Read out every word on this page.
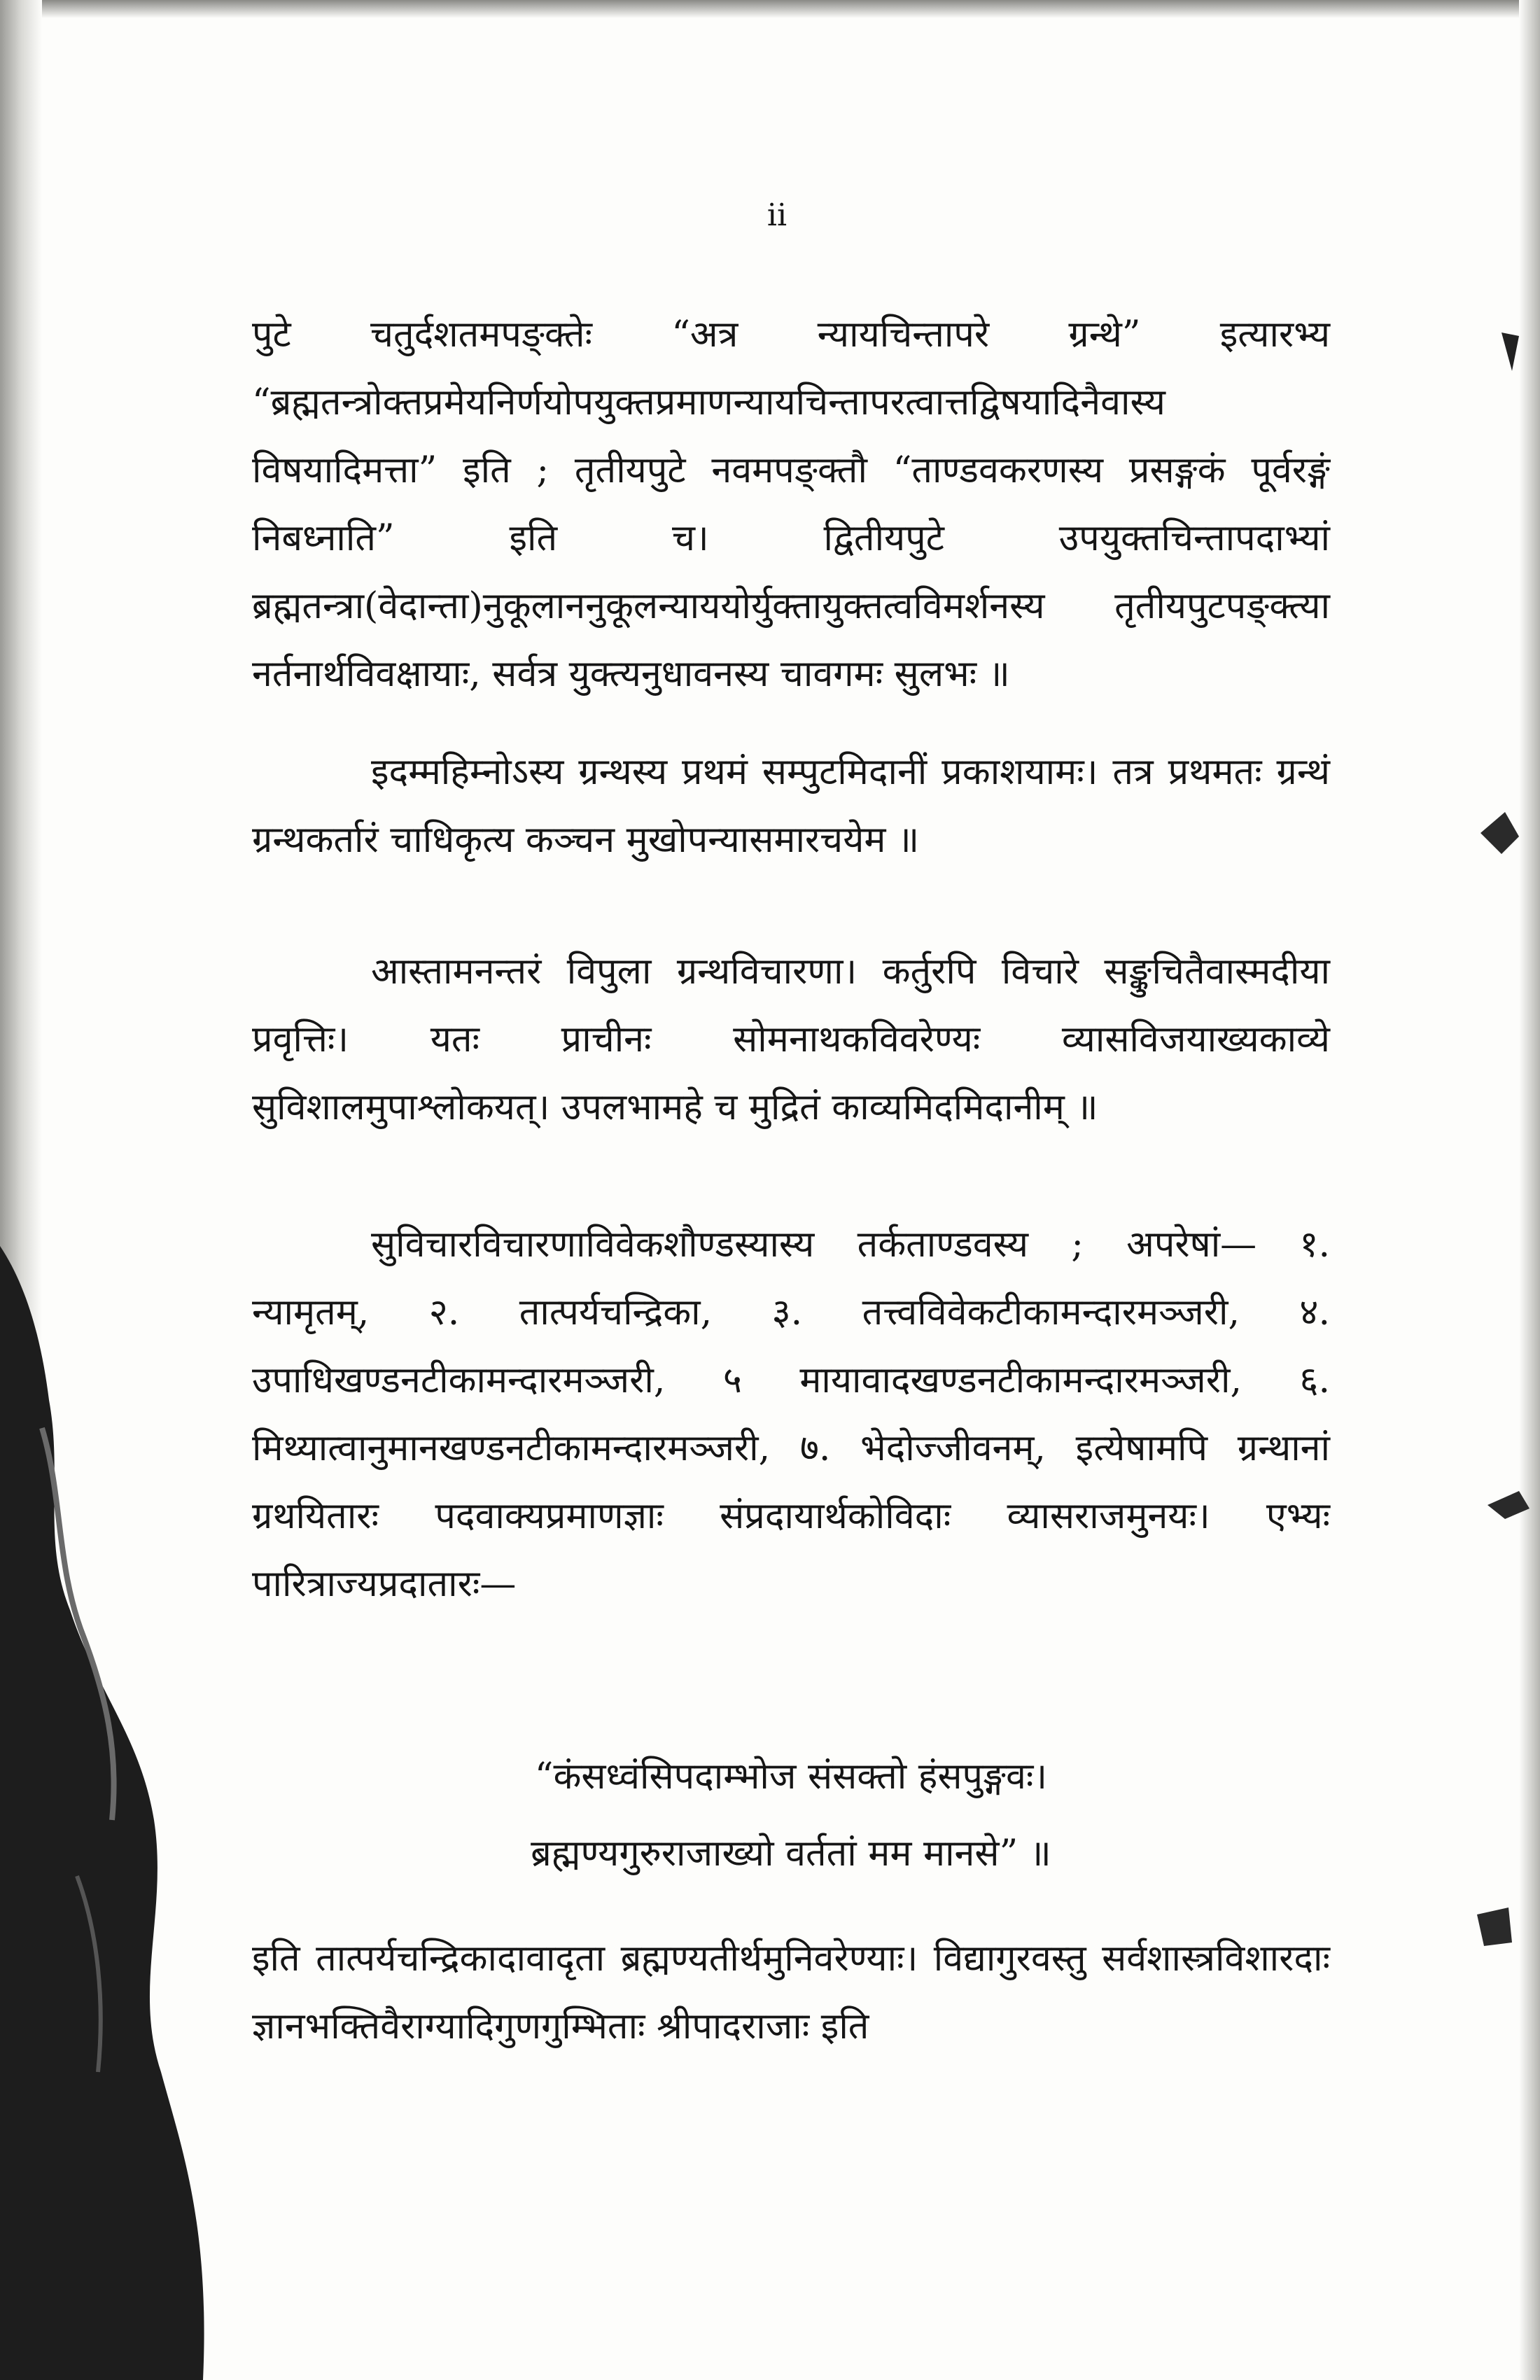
ii

पुटे चतुर्दशतमपङ्क्तेः “अत्र न्यायचिन्तापरे ग्रन्थे” इत्यारभ्य “ब्रह्मतन्त्रोक्तप्रमेयनिर्णयोपयुक्तप्रमाणन्यायचिन्तापरत्वात्तद्विषयादिनैवास्य विषयादिमत्ता” इति ; तृतीयपुटे नवमपङ्क्तौ “ताण्डवकरणस्य प्रसङ्गकं पूर्वरङ्गं निबध्नाति” इति च। द्वितीयपुटे उपयुक्तचिन्तापदाभ्यां ब्रह्मतन्त्रा(वेदान्ता)नुकूलाननुकूलन्याययोर्युक्तायुक्तत्वविमर्शनस्य तृतीयपुटपङ्क्त्या नर्तनार्थविवक्षायाः, सर्वत्र युक्त्यनुधावनस्य चावगमः सुलभः ॥

इदम्महिम्नोऽस्य ग्रन्थस्य प्रथमं सम्पुटमिदानीं प्रकाशयामः। तत्र प्रथमतः ग्रन्थं ग्रन्थकर्तारं चाधिकृत्य कञ्चन मुखोपन्यासमारचयेम ॥

आस्तामनन्तरं विपुला ग्रन्थविचारणा। कर्तुरपि विचारे सङ्कुचितैवास्मदीया प्रवृत्तिः। यतः प्राचीनः सोमनाथकविवरेण्यः व्यासविजयाख्यकाव्ये सुविशालमुपाश्लोकयत्। उपलभामहे च मुद्रितं काव्यमिदमिदानीम् ॥

सुविचारविचारणाविवेकशौण्डस्यास्य तर्कताण्डवस्य ; अपरेषां— १. न्यामृतम्, २. तात्पर्यचन्द्रिका, ३. तत्त्वविवेकटीकामन्दारमञ्जरी, ४. उपाधिखण्डनटीकामन्दारमञ्जरी, ५ मायावादखण्डनटीकामन्दारमञ्जरी, ६. मिथ्यात्वानुमानखण्डनटीकामन्दारमञ्जरी, ७. भेदोज्जीवनम्, इत्येषामपि ग्रन्थानां ग्रथयितारः पदवाक्यप्रमाणज्ञाः संप्रदायार्थकोविदाः व्यासराजमुनयः। एभ्यः पारित्राज्यप्रदातारः—

“कंसध्वंसिपदाम्भोज संसक्तो हंसपुङ्गवः।
ब्रह्मण्यगुरुराजाख्यो वर्ततां मम मानसे” ॥

इति तात्पर्यचन्द्रिकादावादृता ब्रह्मण्यतीर्थमुनिवरेण्याः। विद्यागुरवस्तु सर्वशास्त्रविशारदाः ज्ञानभक्तिवैराग्यादिगुणगुम्भिताः श्रीपादराजाः इति
